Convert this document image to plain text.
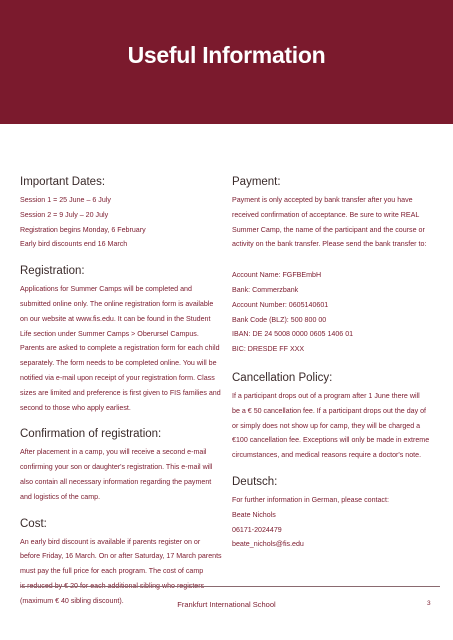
Useful Information
Important Dates:
Session 1 = 25 June – 6 July
Session 2 = 9 July – 20 July
Registration begins Monday, 6 February
Early bird discounts end 16 March
Registration:
Applications for Summer Camps will be completed and
submitted online only. The online registration form is available
on our website at www.fis.edu. It can be found in the Student
Life section under Summer Camps > Oberursel Campus.
Parents are asked to complete a registration form for each child
separately. The form needs to be completed online. You will be
notified via e-mail upon receipt of your registration form. Class
sizes are limited and preference is first given to FIS families and
second to those who apply earliest.
Confirmation of registration:
After placement in a camp, you will receive a second e-mail
confirming your son or daughter's registration. This e-mail will
also contain all necessary information regarding the payment
and logistics of the camp.
Cost:
An early bird discount is available if parents register on or
before Friday, 16 March. On or after Saturday, 17 March parents
must pay the full price for each program. The cost of camp
(maximum € 40 sibling discount).
Payment:
Payment is only accepted by bank transfer after you have
received confirmation of acceptance. Be sure to write REAL
Summer Camp, the name of the participant and the course or
activity on the bank transfer. Please send the bank transfer to:
Account Name: FGFBEmbH
Bank: Commerzbank
Account Number: 0605140601
Bank Code (BLZ): 500 800 00
IBAN: DE 24 5008 0000 0605 1406 01
BIC: DRESDE FF XXX
Cancellation Policy:
If a participant drops out of a program after 1 June there will
be a € 50 cancellation fee. If a participant drops out the day of
or simply does not show up for camp, they will be charged a
€100 cancellation fee. Exceptions will only be made in extreme
circumstances, and medical reasons require a doctor's note.
Deutsch:
For further information in German, please contact:
Beate Nichols
06171-2024479
beate_nichols@fis.edu
Frankfurt International School	3
